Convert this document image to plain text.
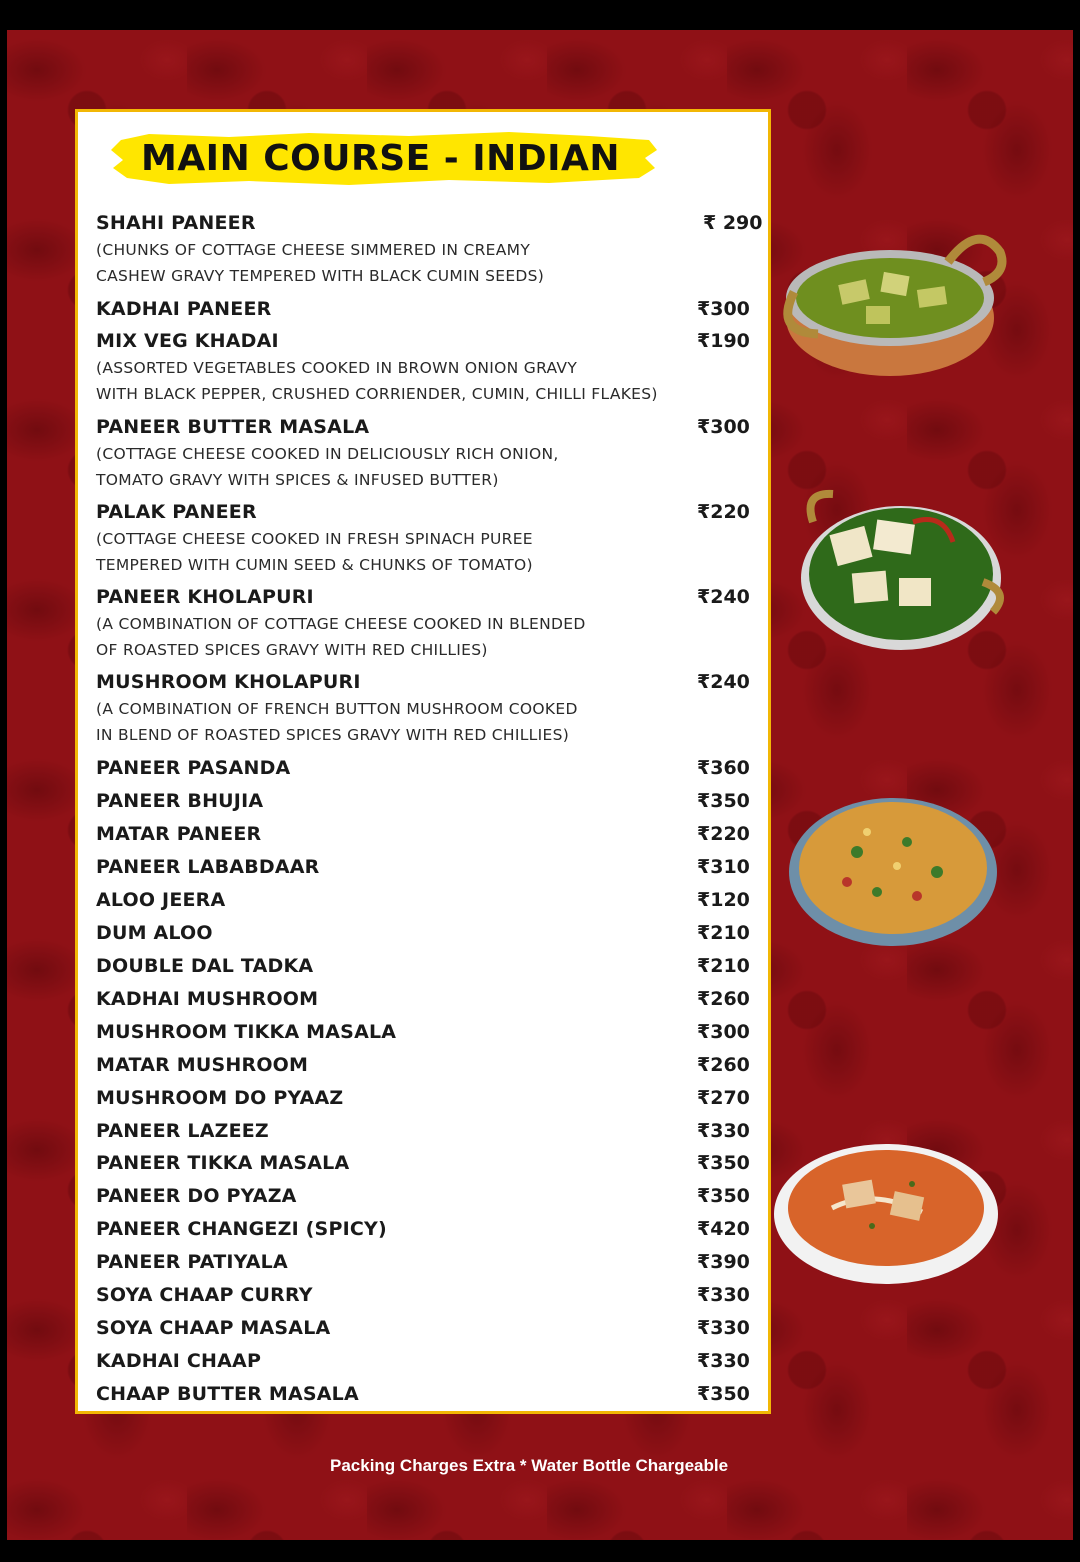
MAIN COURSE - INDIAN
SHAHI PANEER	₹ 290
(CHUNKS OF COTTAGE CHEESE SIMMERED IN CREAMY
CASHEW GRAVY TEMPERED WITH BLACK CUMIN SEEDS)
KADHAI PANEER	₹300
MIX VEG KHADAI	₹190
(ASSORTED VEGETABLES COOKED IN BROWN ONION GRAVY
WITH BLACK PEPPER, CRUSHED CORRIENDER, CUMIN, CHILLI FLAKES)
PANEER BUTTER MASALA	₹300
(COTTAGE CHEESE COOKED IN DELICIOUSLY RICH ONION,
TOMATO GRAVY WITH SPICES & INFUSED BUTTER)
PALAK PANEER	₹220
(COTTAGE CHEESE COOKED IN FRESH SPINACH PUREE
TEMPERED WITH CUMIN SEED & CHUNKS OF TOMATO)
PANEER KHOLAPURI	₹240
(A COMBINATION OF COTTAGE CHEESE COOKED IN BLENDED
OF ROASTED SPICES GRAVY WITH RED CHILLIES)
MUSHROOM KHOLAPURI	₹240
(A COMBINATION OF FRENCH BUTTON MUSHROOM COOKED
IN BLEND OF ROASTED SPICES GRAVY WITH RED CHILLIES)
PANEER PASANDA	₹360
PANEER BHUJIA	₹350
MATAR PANEER	₹220
PANEER LABABDAAR	₹310
ALOO JEERA	₹120
DUM ALOO	₹210
DOUBLE DAL TADKA	₹210
KADHAI MUSHROOM	₹260
MUSHROOM TIKKA MASALA	₹300
MATAR MUSHROOM	₹260
MUSHROOM DO PYAAZ	₹270
PANEER LAZEEZ	₹330
PANEER TIKKA MASALA	₹350
PANEER DO PYAZA	₹350
PANEER CHANGEZI (SPICY)	₹420
PANEER PATIYALA	₹390
SOYA CHAAP CURRY	₹330
SOYA CHAAP MASALA	₹330
KADHAI CHAAP	₹330
CHAAP BUTTER MASALA	₹350
Packing Charges Extra * Water Bottle Chargeable
